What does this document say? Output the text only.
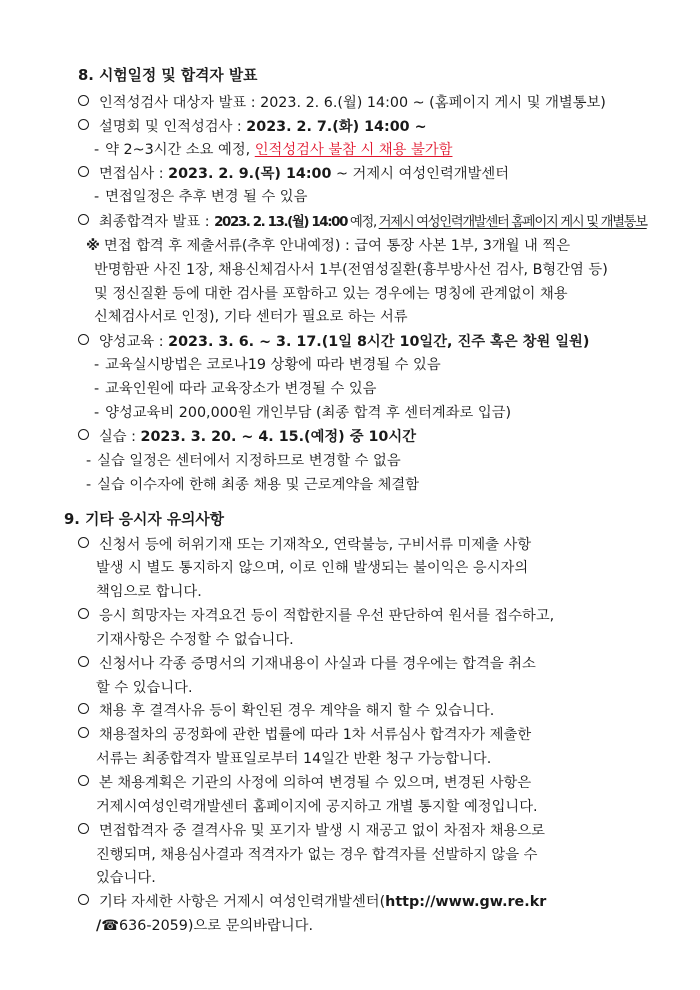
8. 시험일정 및 합격자 발표
인적성검사 대상자 발표 : 2023. 2. 6.(월) 14:00 ~ (홈페이지 게시 및 개별통보)
설명회 및 인적성검사 : 2023. 2. 7.(화) 14:00 ~
- 약 2~3시간 소요 예정, 인적성검사 불참 시 채용 불가함
면접심사 : 2023. 2. 9.(목) 14:00 ~ 거제시 여성인력개발센터
- 면접일정은 추후 변경 될 수 있음
최종합격자 발표 : 2023. 2. 13.(월) 14:00 예정, 거제시 여성인력개발센터 홈페이지 게시 및 개별통보
※ 면접 합격 후 제출서류(추후 안내예정) : 급여 통장 사본 1부, 3개월 내 찍은
반명함판 사진 1장, 채용신체검사서 1부(전염성질환(흉부방사선 검사, B형간염 등)
및 정신질환 등에 대한 검사를 포함하고 있는 경우에는 명칭에 관계없이 채용
신체검사서로 인정), 기타 센터가 필요로 하는 서류
양성교육 : 2023. 3. 6. ~ 3. 17.(1일 8시간 10일간, 진주 혹은 창원 일원)
- 교육실시방법은 코로나19 상황에 따라 변경될 수 있음
- 교육인원에 따라 교육장소가 변경될 수 있음
- 양성교육비 200,000원 개인부담 (최종 합격 후 센터계좌로 입금)
실습 : 2023. 3. 20. ~ 4. 15.(예정) 중 10시간
- 실습 일정은 센터에서 지정하므로 변경할 수 없음
- 실습 이수자에 한해 최종 채용 및 근로계약을 체결함
9. 기타 응시자 유의사항
신청서 등에 허위기재 또는 기재착오, 연락불능, 구비서류 미제출 사항
발생 시 별도 통지하지 않으며, 이로 인해 발생되는 불이익은 응시자의
책임으로 합니다.
응시 희망자는 자격요건 등이 적합한지를 우선 판단하여 원서를 접수하고,
기재사항은 수정할 수 없습니다.
신청서나 각종 증명서의 기재내용이 사실과 다를 경우에는 합격을 취소
할 수 있습니다.
채용 후 결격사유 등이 확인된 경우 계약을 해지 할 수 있습니다.
채용절차의 공정화에 관한 법률에 따라 1차 서류심사 합격자가 제출한
서류는 최종합격자 발표일로부터 14일간 반환 청구 가능합니다.
본 채용계획은 기관의 사정에 의하여 변경될 수 있으며, 변경된 사항은
거제시여성인력개발센터 홈페이지에 공지하고 개별 통지할 예정입니다.
면접합격자 중 결격사유 및 포기자 발생 시 재공고 없이 차점자 채용으로
진행되며, 채용심사결과 적격자가 없는 경우 합격자를 선발하지 않을 수
있습니다.
기타 자세한 사항은 거제시 여성인력개발센터(http://www.gw.re.kr
/☎636-2059)으로 문의바랍니다.
